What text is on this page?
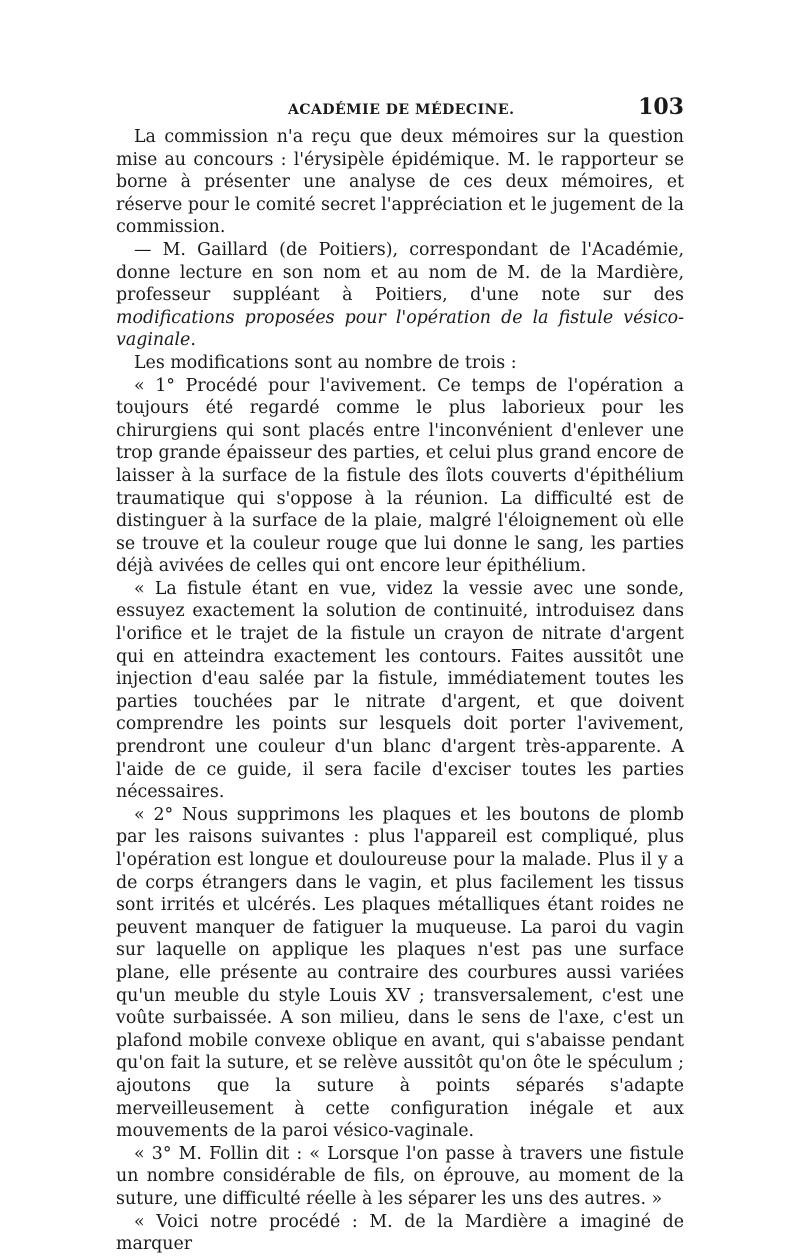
ACADÉMIE DE MÉDECINE.	103

La commission n'a reçu que deux mémoires sur la question mise au concours : l'érysipèle épidémique. M. le rapporteur se borne à présenter une analyse de ces deux mémoires, et réserve pour le comité secret l'appréciation et le jugement de la commission.

— M. Gaillard (de Poitiers), correspondant de l'Académie, donne lecture en son nom et au nom de M. de la Mardière, professeur suppléant à Poitiers, d'une note sur des modifications proposées pour l'opération de la fistule vésico-vaginale.

Les modifications sont au nombre de trois :

« 1° Procédé pour l'avivement. Ce temps de l'opération a toujours été regardé comme le plus laborieux pour les chirurgiens qui sont placés entre l'inconvénient d'enlever une trop grande épaisseur des parties, et celui plus grand encore de laisser à la surface de la fistule des îlots couverts d'épithélium traumatique qui s'oppose à la réunion. La difficulté est de distinguer à la surface de la plaie, malgré l'éloignement où elle se trouve et la couleur rouge que lui donne le sang, les parties déjà avivées de celles qui ont encore leur épithélium.

« La fistule étant en vue, videz la vessie avec une sonde, essuyez exactement la solution de continuité, introduisez dans l'orifice et le trajet de la fistule un crayon de nitrate d'argent qui en atteindra exactement les contours. Faites aussitôt une injection d'eau salée par la fistule, immédiatement toutes les parties touchées par le nitrate d'argent, et que doivent comprendre les points sur lesquels doit porter l'avivement, prendront une couleur d'un blanc d'argent très-apparente. A l'aide de ce guide, il sera facile d'exciser toutes les parties nécessaires.

« 2° Nous supprimons les plaques et les boutons de plomb par les raisons suivantes : plus l'appareil est compliqué, plus l'opération est longue et douloureuse pour la malade. Plus il y a de corps étrangers dans le vagin, et plus facilement les tissus sont irrités et ulcérés. Les plaques métalliques étant roides ne peuvent manquer de fatiguer la muqueuse. La paroi du vagin sur laquelle on applique les plaques n'est pas une surface plane, elle présente au contraire des courbures aussi variées qu'un meuble du style Louis XV ; transversalement, c'est une voûte surbaissée. A son milieu, dans le sens de l'axe, c'est un plafond mobile convexe oblique en avant, qui s'abaisse pendant qu'on fait la suture, et se relève aussitôt qu'on ôte le spéculum ; ajoutons que la suture à points séparés s'adapte merveilleusement à cette configuration inégale et aux mouvements de la paroi vésico-vaginale.

« 3° M. Follin dit : « Lorsque l'on passe à travers une fistule un nombre considérable de fils, on éprouve, au moment de la suture, une difficulté réelle à les séparer les uns des autres. »

« Voici notre procédé : M. de la Mardière a imaginé de marquer
